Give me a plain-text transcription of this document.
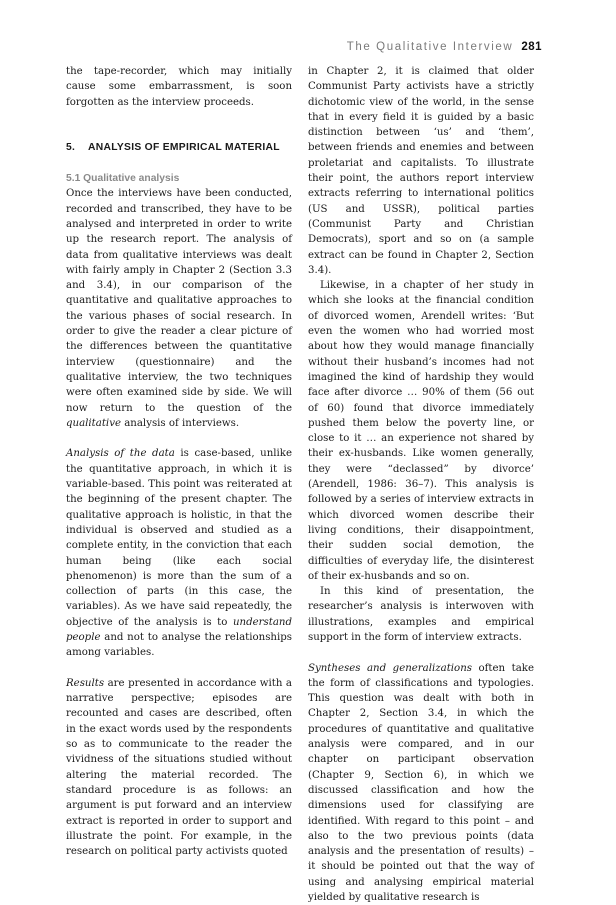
The Qualitative Interview 281

the tape-recorder, which may initially cause some embarrassment, is soon forgotten as the interview proceeds.

5. ANALYSIS OF EMPIRICAL MATERIAL
5.1 Qualitative analysis

Once the interviews have been conducted, recorded and transcribed, they have to be analysed and interpreted in order to write up the research report. The analysis of data from qualitative interviews was dealt with fairly amply in Chapter 2 (Section 3.3 and 3.4), in our comparison of the quantitative and qualitative approaches to the various phases of social research. In order to give the reader a clear picture of the differences between the quantitative interview (questionnaire) and the qualitative interview, the two techniques were often examined side by side. We will now return to the question of the qualitative analysis of interviews.

Analysis of the data is case-based, unlike the quantitative approach, in which it is variable-based. This point was reiterated at the beginning of the present chapter. The qualitative approach is holistic, in that the individual is observed and studied as a complete entity, in the conviction that each human being (like each social phenomenon) is more than the sum of a collection of parts (in this case, the variables). As we have said repeatedly, the objective of the analysis is to understand people and not to analyse the relationships among variables.

Results are presented in accordance with a narrative perspective; episodes are recounted and cases are described, often in the exact words used by the respondents so as to communicate to the reader the vividness of the situations studied without altering the material recorded. The standard procedure is as follows: an argument is put forward and an interview extract is reported in order to support and illustrate the point. For example, in the research on political party activists quoted

in Chapter 2, it is claimed that older Communist Party activists have a strictly dichotomic view of the world, in the sense that in every field it is guided by a basic distinction between ‘us’ and ‘them’, between friends and enemies and between proletariat and capitalists. To illustrate their point, the authors report interview extracts referring to international politics (US and USSR), political parties (Communist Party and Christian Democrats), sport and so on (a sample extract can be found in Chapter 2, Section 3.4).

Likewise, in a chapter of her study in which she looks at the financial condition of divorced women, Arendell writes: ‘But even the women who had worried most about how they would manage financially without their husband’s incomes had not imagined the kind of hardship they would face after divorce … 90% of them (56 out of 60) found that divorce immediately pushed them below the poverty line, or close to it … an experience not shared by their ex-husbands. Like women generally, they were “declassed” by divorce’ (Arendell, 1986: 36–7). This analysis is followed by a series of interview extracts in which divorced women describe their living conditions, their disappointment, their sudden social demotion, the difficulties of everyday life, the disinterest of their ex-husbands and so on.

In this kind of presentation, the researcher’s analysis is interwoven with illustrations, examples and empirical support in the form of interview extracts.

Syntheses and generalizations often take the form of classifications and typologies. This question was dealt with both in Chapter 2, Section 3.4, in which the procedures of quantitative and qualitative analysis were compared, and in our chapter on participant observation (Chapter 9, Section 6), in which we discussed classification and how the dimensions used for classifying are identified. With regard to this point – and also to the two previous points (data analysis and the presentation of results) – it should be pointed out that the way of using and analysing empirical material yielded by qualitative research is
